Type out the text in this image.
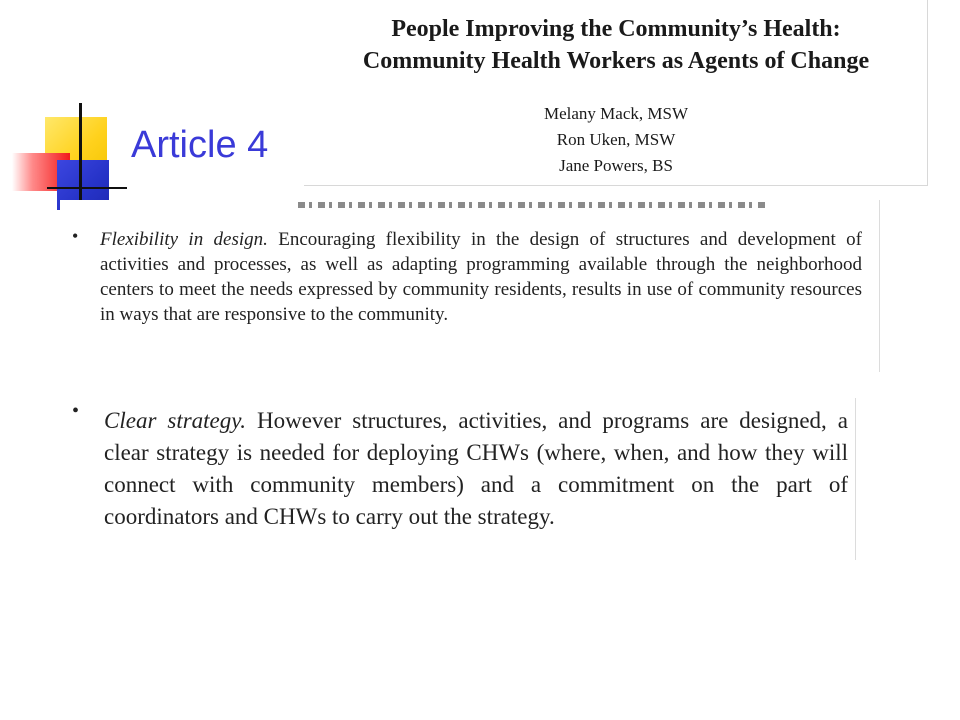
Article 4
People Improving the Community’s Health:
Community Health Workers as Agents of Change
Melany Mack, MSW
Ron Uken, MSW
Jane Powers, BS
• Flexibility in design. Encouraging flexibility in the design of structures and development of activities and processes, as well as adapting programming available through the neighborhood centers to meet the needs expressed by community residents, results in use of community resources in ways that are responsive to the community.
• Clear strategy. However structures, activities, and programs are designed, a clear strategy is needed for deploying CHWs (where, when, and how they will connect with community members) and a commitment on the part of coordinators and CHWs to carry out the strategy.
